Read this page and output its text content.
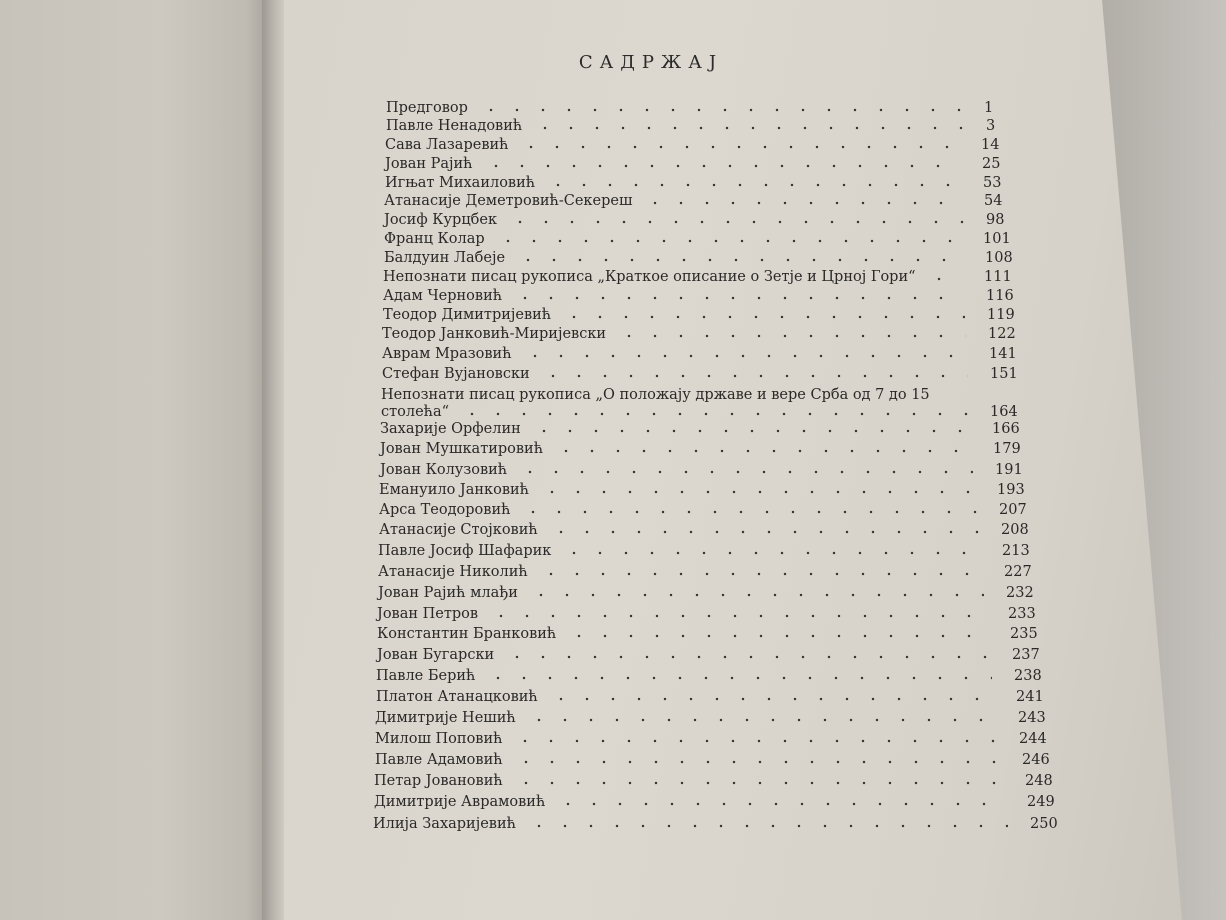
САДРЖАЈ
Предговор	1
Павле Ненадовић	3
Сава Лазаревић	14
Јован Рајић	25
Игњат Михаиловић	53
Атанасије Деметровић-Секереш	54
Јосиф Курцбек	98
Франц Колар	101
Балдуин Лабеје	108
Непознати писац рукописа „Краткое описание о Зетје и Црној Гори“	111
Адам Черновић	116
Теодор Димитријевић	119
Теодор Јанковић-Миријевски	122
Аврам Мразовић	141
Стефан Вујановски	151
Непознати писац рукописа „О положају државе и вере Срба од 7 до 15
столећа“	164
Захарије Орфелин	166
Јован Мушкатировић	179
Јован Колузовић	191
Емануило Јанковић	193
Арса Теодоровић	207
Атанасије Стојковић	208
Павле Јосиф Шафарик	213
Атанасије Николић	227
Јован Рајић млађи	232
Јован Петров	233
Константин Бранковић	235
Јован Бугарски	237
Павле Берић	238
Платон Атанацковић	241
Димитрије Нешић	243
Милош Поповић	244
Павле Адамовић	246
Петар Јовановић	248
Димитрије Аврамовић	249
Илија Захаријевић	250
